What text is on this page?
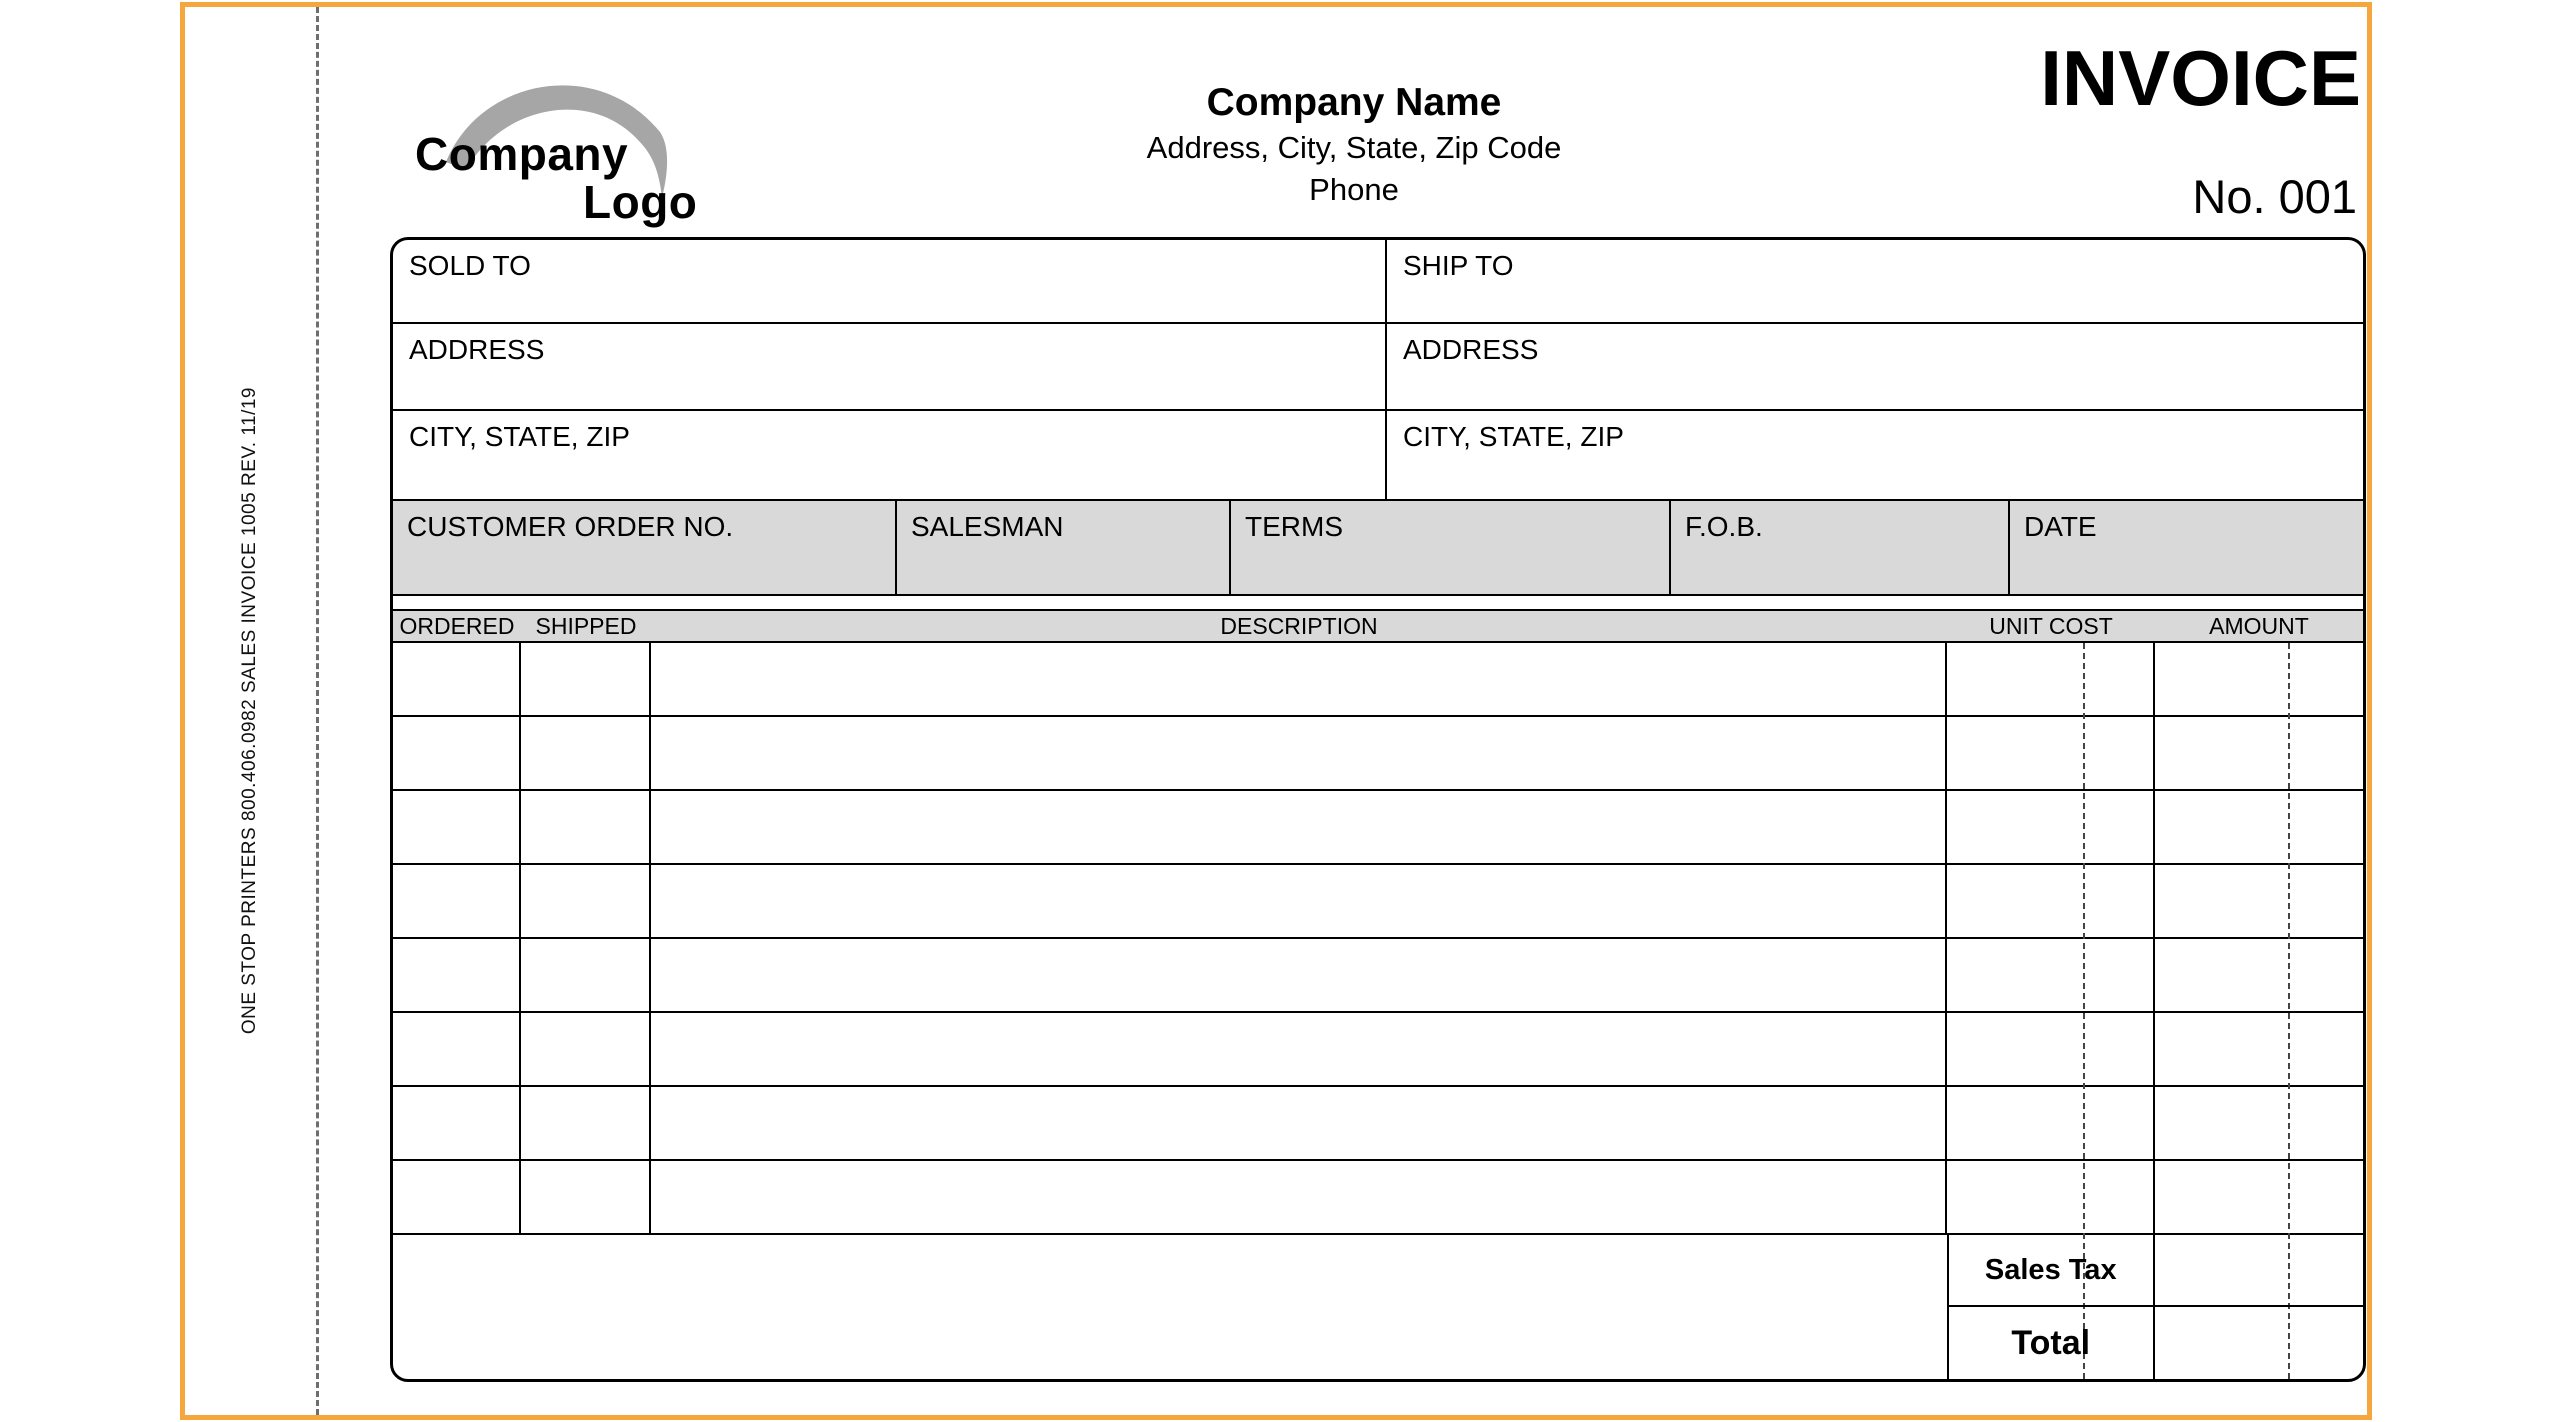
ONE STOP PRINTERS 800.406.0982 SALES INVOICE 1005 REV. 11/19
Company
Logo
Company Name
Address, City, State, Zip Code
Phone
INVOICE
No. 001
SOLD TO	SHIP TO
ADDRESS	ADDRESS
CITY, STATE, ZIP	CITY, STATE, ZIP
CUSTOMER ORDER NO.	SALESMAN	TERMS	F.O.B.	DATE
ORDERED SHIPPED	DESCRIPTION	UNIT COST	AMOUNT
Sales Tax
Total
